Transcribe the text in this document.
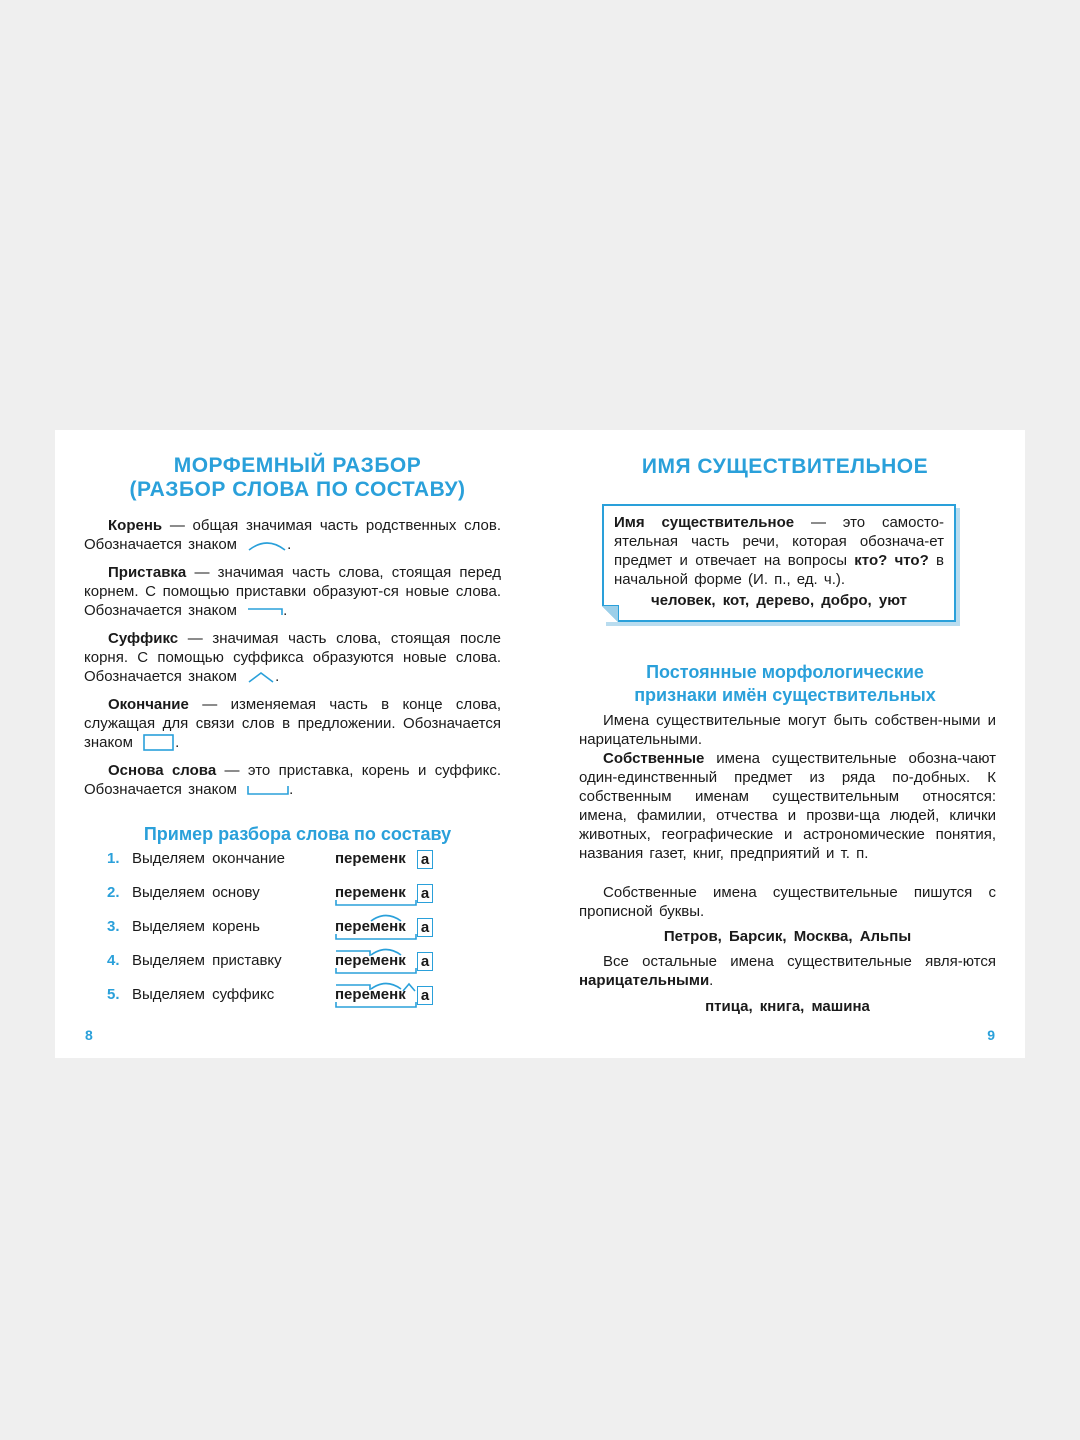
МОРФЕМНЫЙ РАЗБОР
(РАЗБОР СЛОВА ПО СОСТАВУ)

Корень — общая значимая часть родственных слов. Обозначается знаком	.

Приставка — значимая часть слова, стоящая перед корнем. С помощью приставки образуют-ся новые слова. Обозначается знаком	.

Суффикс — значимая часть слова, стоящая после корня. С помощью суффикса образуются новые слова. Обозначается знаком	.

Окончание — изменяемая часть в конце слова, служащая для связи слов в предложении. Обозначается знаком	.

Основа слова — это приставка, корень и суффикс. Обозначается знаком	.

Пример разбора слова по составу
1. Выделяем окончание	переменк а
2. Выделяем основу	переменк а
3. Выделяем корень	переменк а
4. Выделяем приставку	переменк а
5. Выделяем суффикс	переменк а
8
ИМЯ СУЩЕСТВИТЕЛЬНОЕ

Имя существительное — это самосто-ятельная часть речи, которая обознача-ет предмет и отвечает на вопросы кто? что? в начальной форме (И. п., ед. ч.).

человек, кот, дерево, добро, уют
Постоянные морфологические
признаки имён существительных

Имена существительные могут быть собствен-ными и нарицательными.

Собственные имена существительные обозна-чают один-единственный предмет из ряда по-добных. К собственным именам существительным относятся: имена, фамилии, отчества и прозви-ща людей, клички животных, географические и астрономические понятия, названия газет, книг, предприятий и т. п.

Собственные имена существительные пишутся с прописной буквы.

Петров, Барсик, Москва, Альпы

Все остальные имена существительные явля-ются нарицательными.

птица, книга, машина
9
